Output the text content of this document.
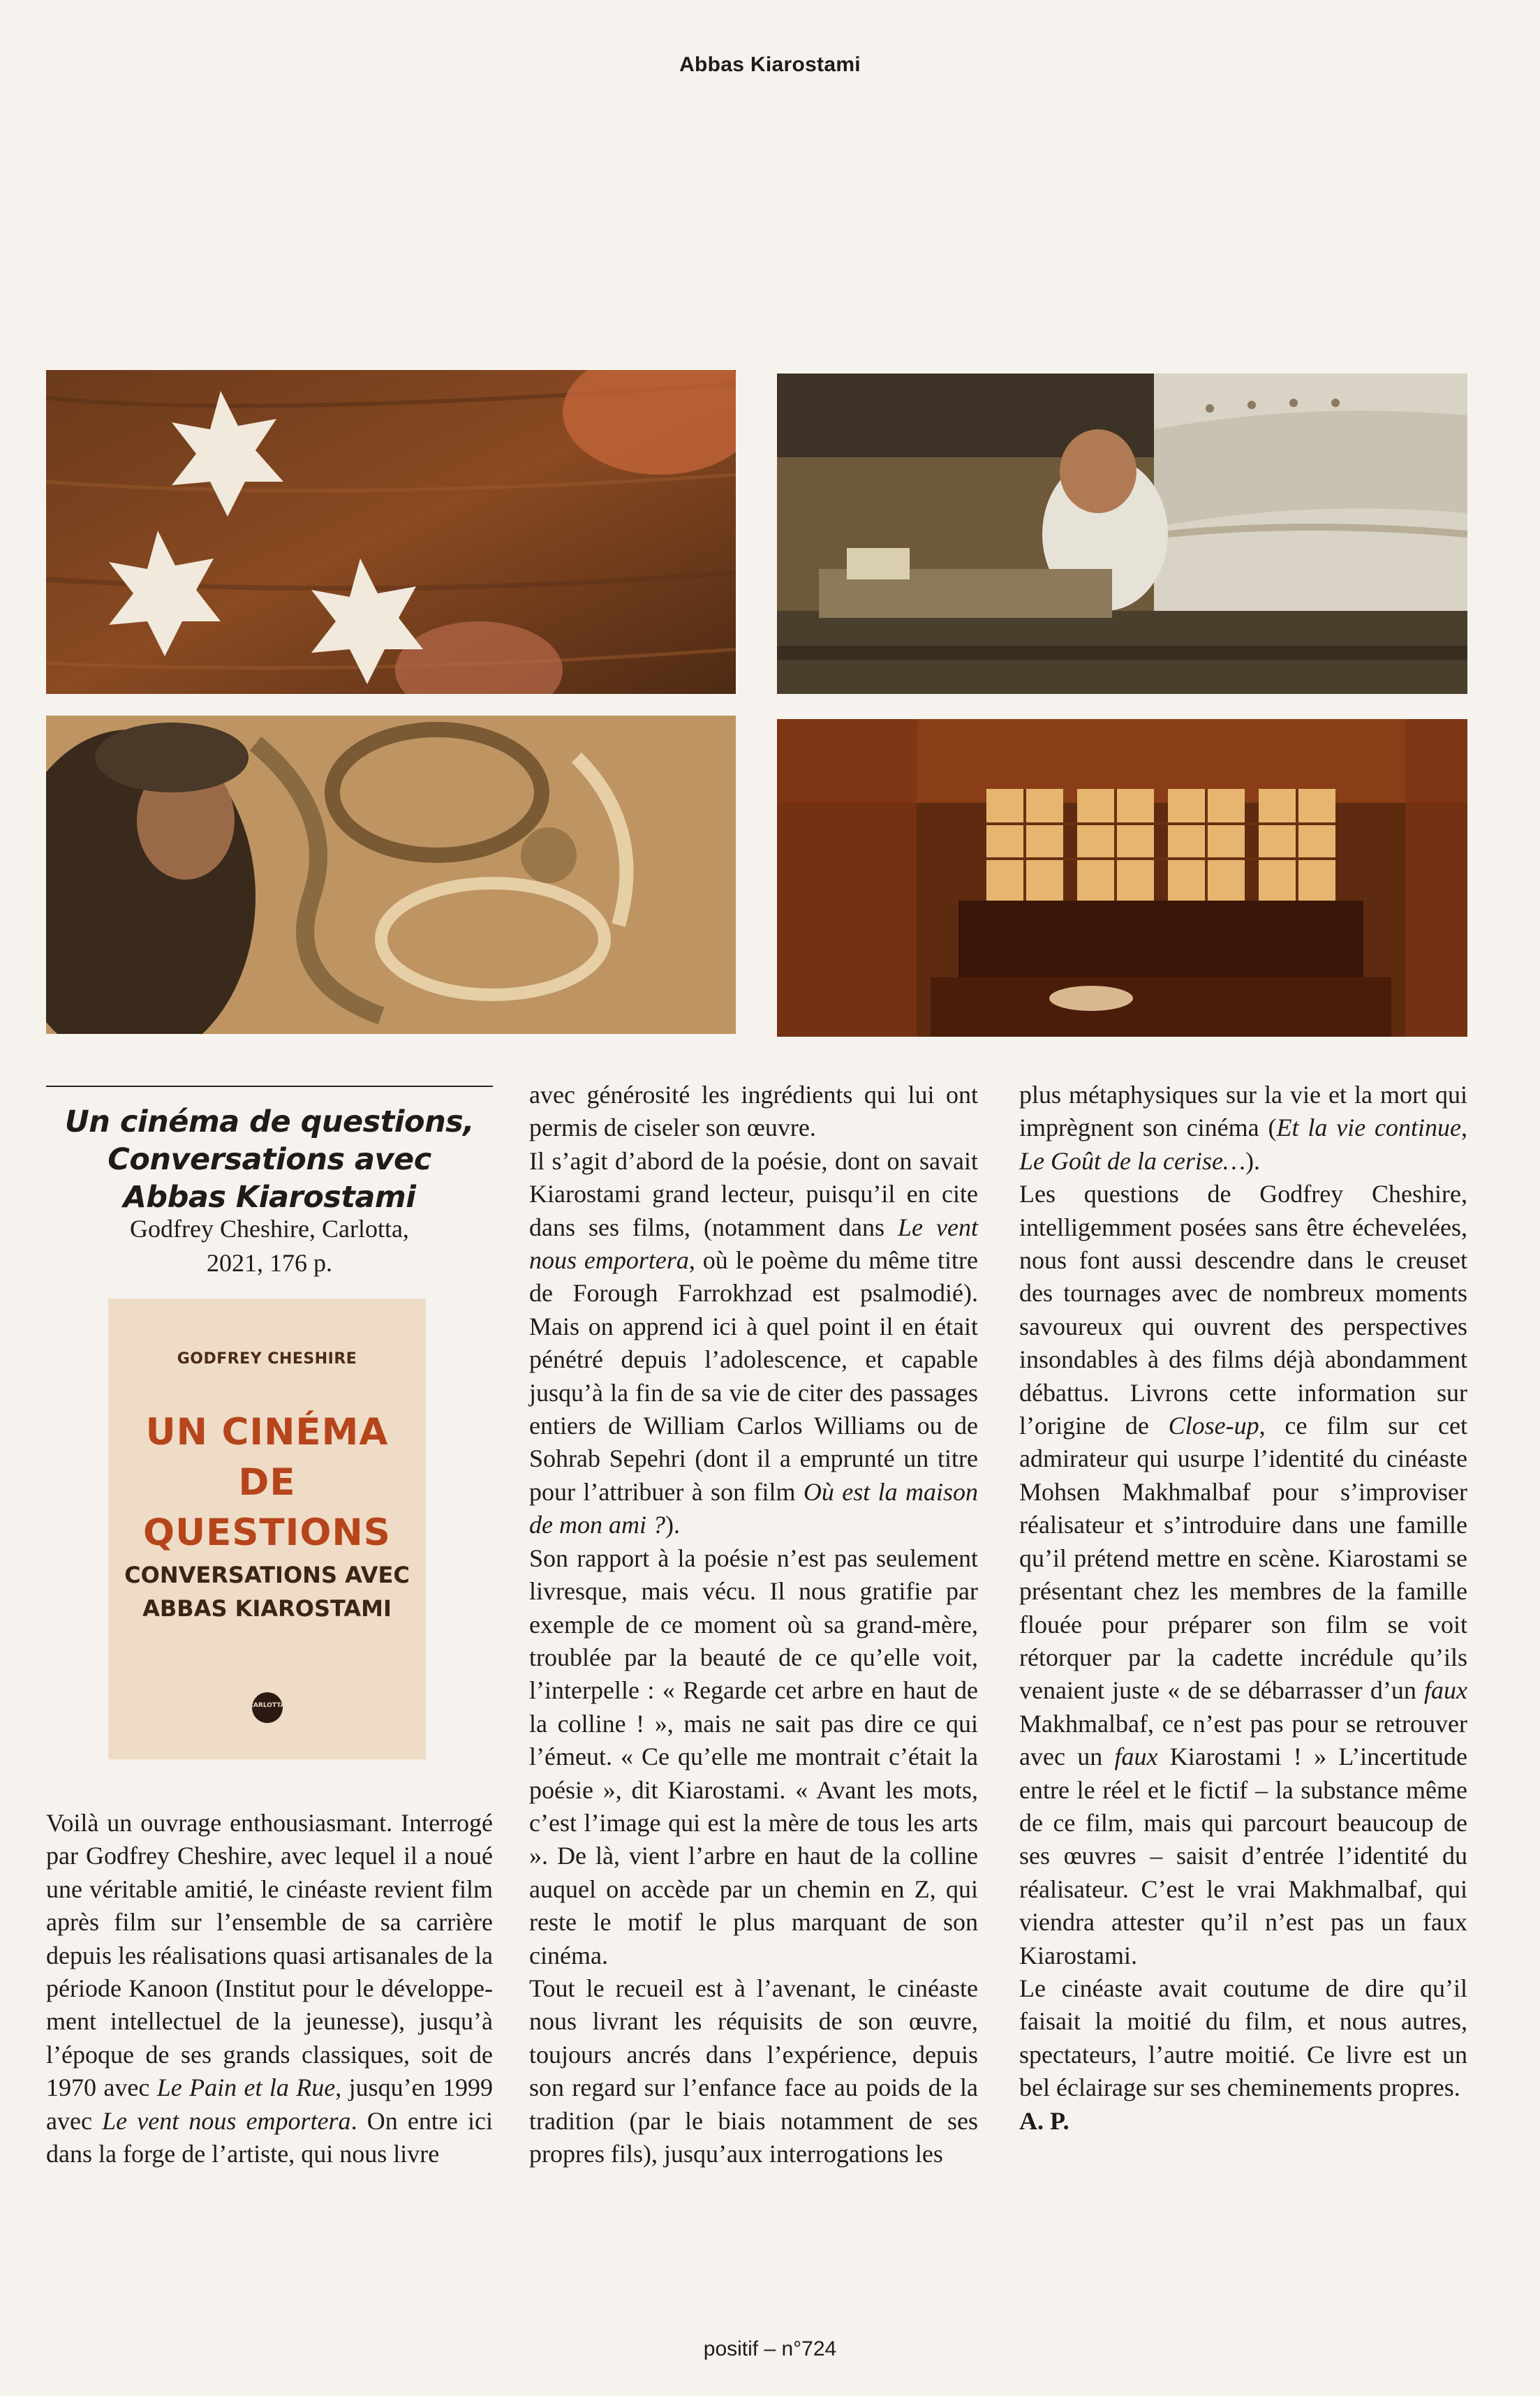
Abbas Kiarostami
Un cinéma de questions,
Conversations avec
Abbas Kiarostami
Godfrey Cheshire, Carlotta,
2021, 176 p.
GODFREY CHESHIRE
UN CINÉMA
DE QUESTIONS
CONVERSATIONS AVEC
ABBAS KIAROSTAMI
CARLOTTA

Voilà un ouvrage enthousiasmant. Interrogé par Godfrey Cheshire, avec lequel il a noué une véritable amitié, le cinéaste revient film après film sur l’ensemble de sa carrière depuis les réalisations quasi artisanales de la période Kanoon (Institut pour le développement intellectuel de la jeunesse), jusqu’à l’époque de ses grands classiques, soit de 1970 avec Le Pain et la Rue, jusqu’en 1999 avec Le vent nous emportera. On entre ici dans la forge de l’artiste, qui nous livre

avec générosité les ingrédients qui lui ont permis de ciseler son œuvre.

Il s’agit d’abord de la poésie, dont on savait Kiarostami grand lecteur, puisqu’il en cite dans ses films, (notamment dans Le vent nous emportera, où le poème du même titre de Forough Farrokhzad est psalmodié). Mais on apprend ici à quel point il en était pénétré depuis l’adolescence, et capable jusqu’à la fin de sa vie de citer des passages entiers de William Carlos Williams ou de Sohrab Sepehri (dont il a emprunté un titre pour l’attribuer à son film Où est la maison de mon ami ?).

Son rapport à la poésie n’est pas seulement livresque, mais vécu. Il nous gratifie par exemple de ce moment où sa grand-mère, troublée par la beauté de ce qu’elle voit, l’interpelle : « Regarde cet arbre en haut de la colline ! », mais ne sait pas dire ce qui l’émeut. « Ce qu’elle me montrait c’était la poésie », dit Kiarostami. « Avant les mots, c’est l’image qui est la mère de tous les arts ». De là, vient l’arbre en haut de la colline auquel on accède par un chemin en Z, qui reste le motif le plus marquant de son cinéma.

Tout le recueil est à l’avenant, le cinéaste nous livrant les réquisits de son œuvre, toujours ancrés dans l’expérience, depuis son regard sur l’enfance face au poids de la tradition (par le biais notamment de ses propres fils), jusqu’aux interrogations les

plus métaphysiques sur la vie et la mort qui imprègnent son cinéma (Et la vie continue, Le Goût de la cerise…).

Les questions de Godfrey Cheshire, intelligemment posées sans être échevelées, nous font aussi descendre dans le creuset des tournages avec de nombreux moments savoureux qui ouvrent des perspectives insondables à des films déjà abondamment débattus. Livrons cette information sur l’origine de Close-up, ce film sur cet admirateur qui usurpe l’identité du cinéaste Mohsen Makhmalbaf pour s’improviser réalisateur et s’introduire dans une famille qu’il prétend mettre en scène. Kiarostami se présentant chez les membres de la famille flouée pour préparer son film se voit rétorquer par la cadette incrédule qu’ils venaient juste « de se débarrasser d’un faux Makhmalbaf, ce n’est pas pour se retrouver avec un faux Kiarostami ! » L’incertitude entre le réel et le fictif – la substance même de ce film, mais qui parcourt beaucoup de ses œuvres – saisit d’entrée l’identité du réalisateur. C’est le vrai Makhmalbaf, qui viendra attester qu’il n’est pas un faux Kiarostami.

Le cinéaste avait coutume de dire qu’il faisait la moitié du film, et nous autres, spectateurs, l’autre moitié. Ce livre est un bel éclairage sur ses cheminements propres.

A. P.

positif – n°724
